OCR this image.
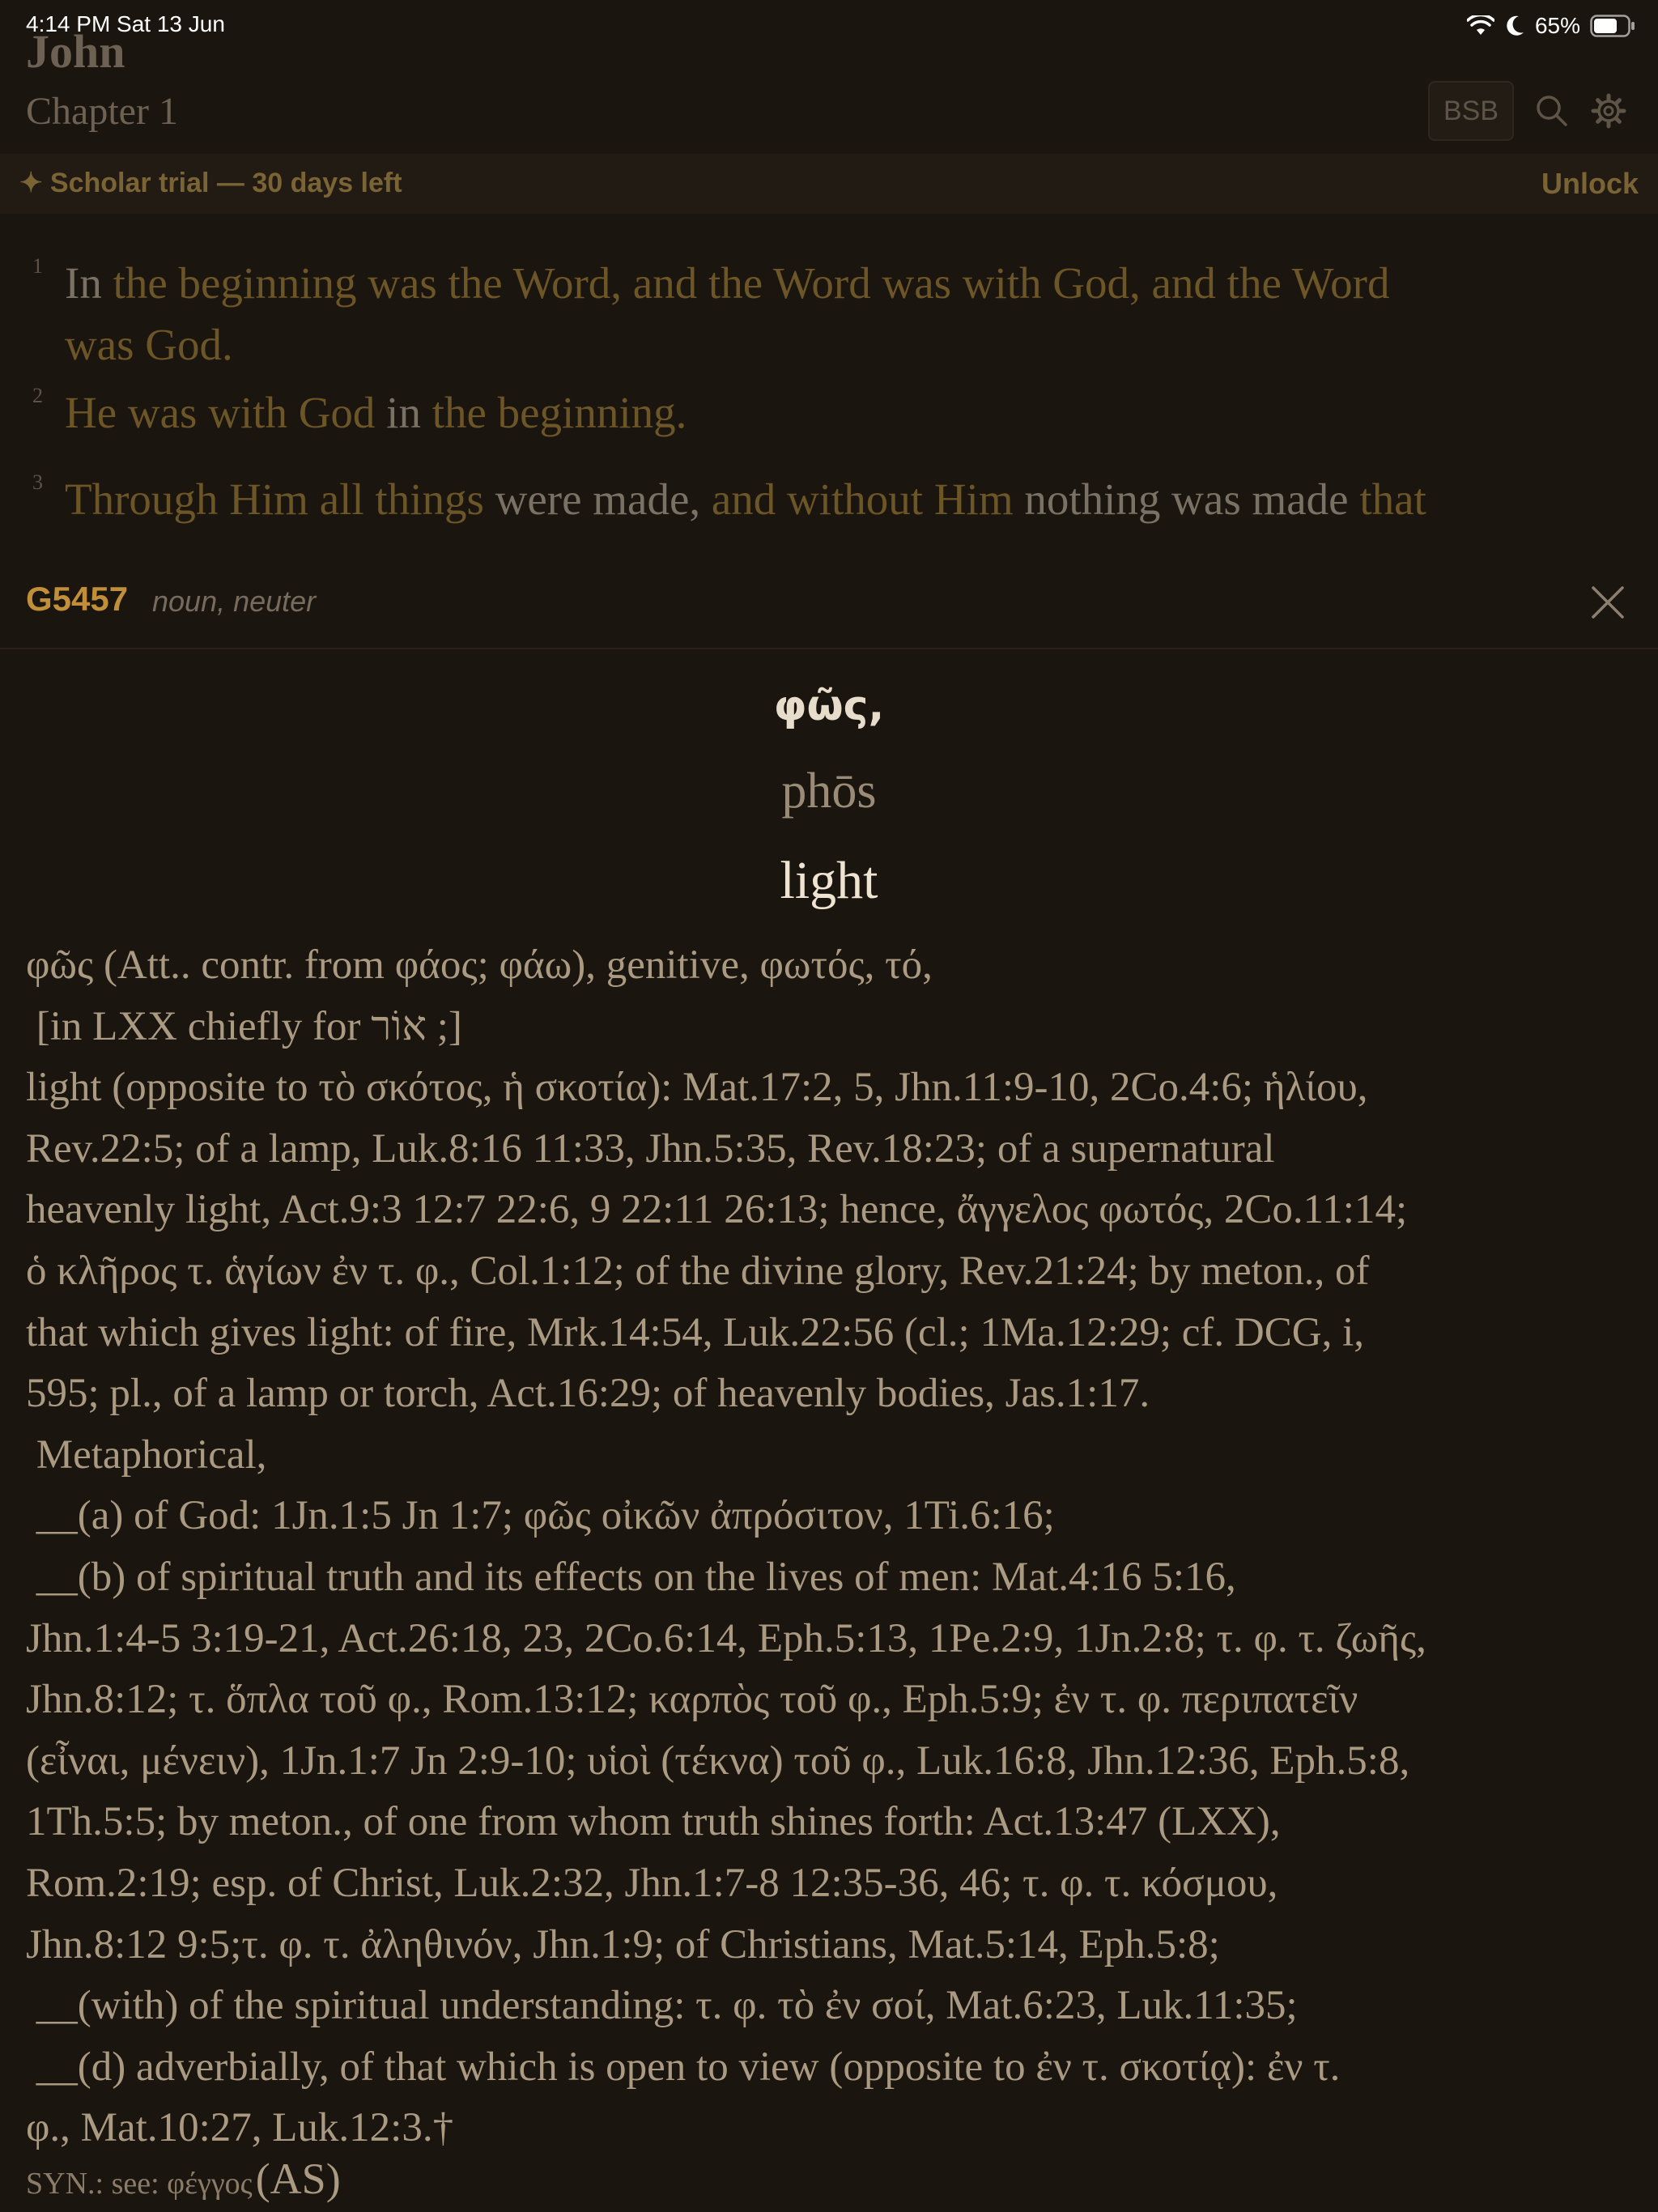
4:14 PM Sat 13 Jun	65%
John
Chapter 1	BSB
✦ Scholar trial — 30 days left	Unlock
1 In the beginning was the Word, and the Word was with God, and the Word
was God.
2 He was with God in the beginning.
3 Through Him all things were made, and without Him nothing was made that
G5457 noun, neuter
φῶς,
phōs
light
φῶς (Att.. contr. from φάος; φάω), genitive, φωτός, τό,
[in LXX chiefly for אוֹר ;]
light (opposite to τὸ σκότος, ἡ σκοτία): Mat.17:2, 5, Jhn.11:9-10, 2Co.4:6; ἡλίου,
Rev.22:5; of a lamp, Luk.8:16 11:33, Jhn.5:35, Rev.18:23; of a supernatural
heavenly light, Act.9:3 12:7 22:6, 9 22:11 26:13; hence, ἄγγελος φωτός, 2Co.11:14;
ὁ κλῆρος τ. ἁγίων ἐν τ. φ., Col.1:12; of the divine glory, Rev.21:24; by meton., of
that which gives light: of fire, Mrk.14:54, Luk.22:56 (cl.; 1Ma.12:29; cf. DCG, i,
595; pl., of a lamp or torch, Act.16:29; of heavenly bodies, Jas.1:17.
Metaphorical,
__(a) of God: 1Jn.1:5 Jn 1:7; φῶς οἰκῶν ἀπρόσιτον, 1Ti.6:16;
__(b) of spiritual truth and its effects on the lives of men: Mat.4:16 5:16,
Jhn.1:4-5 3:19-21, Act.26:18, 23, 2Co.6:14, Eph.5:13, 1Pe.2:9, 1Jn.2:8; τ. φ. τ. ζωῆς,
Jhn.8:12; τ. ὅπλα τοῦ φ., Rom.13:12; καρπὸς τοῦ φ., Eph.5:9; ἐν τ. φ. περιπατεῖν
(εἶναι, μένειν), 1Jn.1:7 Jn 2:9-10; υἱοὶ (τέκνα) τοῦ φ., Luk.16:8, Jhn.12:36, Eph.5:8,
1Th.5:5; by meton., of one from whom truth shines forth: Act.13:47 (LXX),
Rom.2:19; esp. of Christ, Luk.2:32, Jhn.1:7-8 12:35-36, 46; τ. φ. τ. κόσμου,
Jhn.8:12 9:5;τ. φ. τ. ἀληθινόν, Jhn.1:9; of Christians, Mat.5:14, Eph.5:8;
__(with) of the spiritual understanding: τ. φ. τὸ ἐν σοί, Mat.6:23, Luk.11:35;
__(d) adverbially, of that which is open to view (opposite to ἐν τ. σκοτίᾳ): ἐν τ.
φ., Mat.10:27, Luk.12:3.†
SYN.: see: φέγγος (AS)
